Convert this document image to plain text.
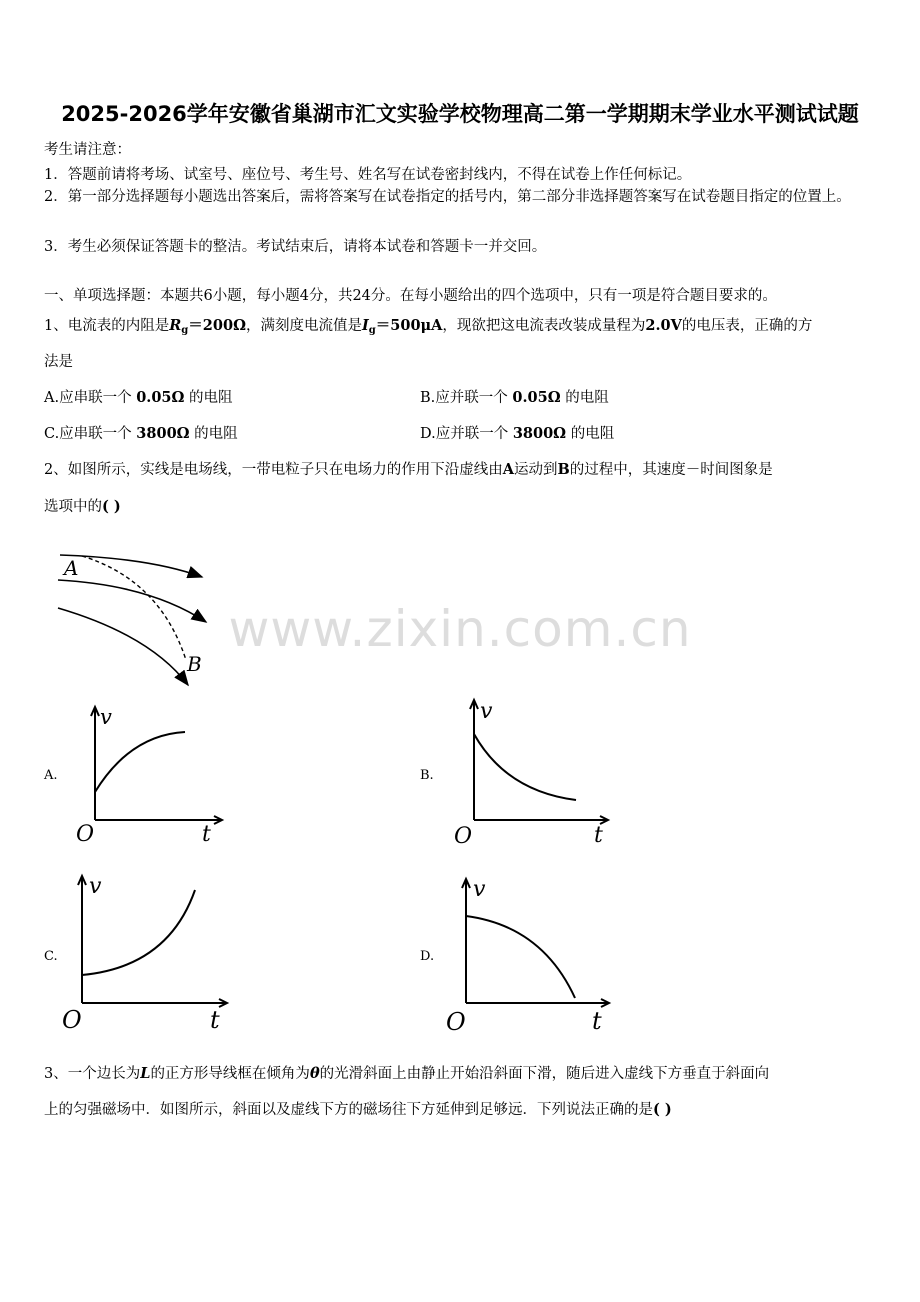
2025-2026学年安徽省巢湖市汇文实验学校物理高二第一学期期末学业水平测试试题
考生请注意：
1．答题前请将考场、试室号、座位号、考生号、姓名写在试卷密封线内，不得在试卷上作任何标记。
2．第一部分选择题每小题选出答案后，需将答案写在试卷指定的括号内，第二部分非选择题答案写在试卷题目指定的位置上。
3．考生必须保证答题卡的整洁。考试结束后，请将本试卷和答题卡一并交回。
一、单项选择题：本题共6小题，每小题4分，共24分。在每小题给出的四个选项中，只有一项是符合题目要求的。
1、电流表的内阻是$R_g=200\Omega$，满刻度电流值是$I_g=500\mu A$，现欲把这电流表改装成量程为2.0V的电压表，正确的方
法是
A.应串联一个 0.05Ω 的电阻	B.应并联一个 0.05Ω 的电阻
C.应串联一个 3800Ω 的电阻	D.应并联一个 3800Ω 的电阻
2、如图所示，实线是电场线，一带电粒子只在电场力的作用下沿虚线由A运动到B的过程中，其速度－时间图象是
选项中的( )
A
B
www.zixin.com.cn
A.
v
O	t
B.
v
O	t
C.
v
O	t
D.
v
O	t
3、一个边长为L的正方形导线框在倾角为θ的光滑斜面上由静止开始沿斜面下滑，随后进入虚线下方垂直于斜面向
上的匀强磁场中．如图所示，斜面以及虚线下方的磁场往下方延伸到足够远．下列说法正确的是( )
